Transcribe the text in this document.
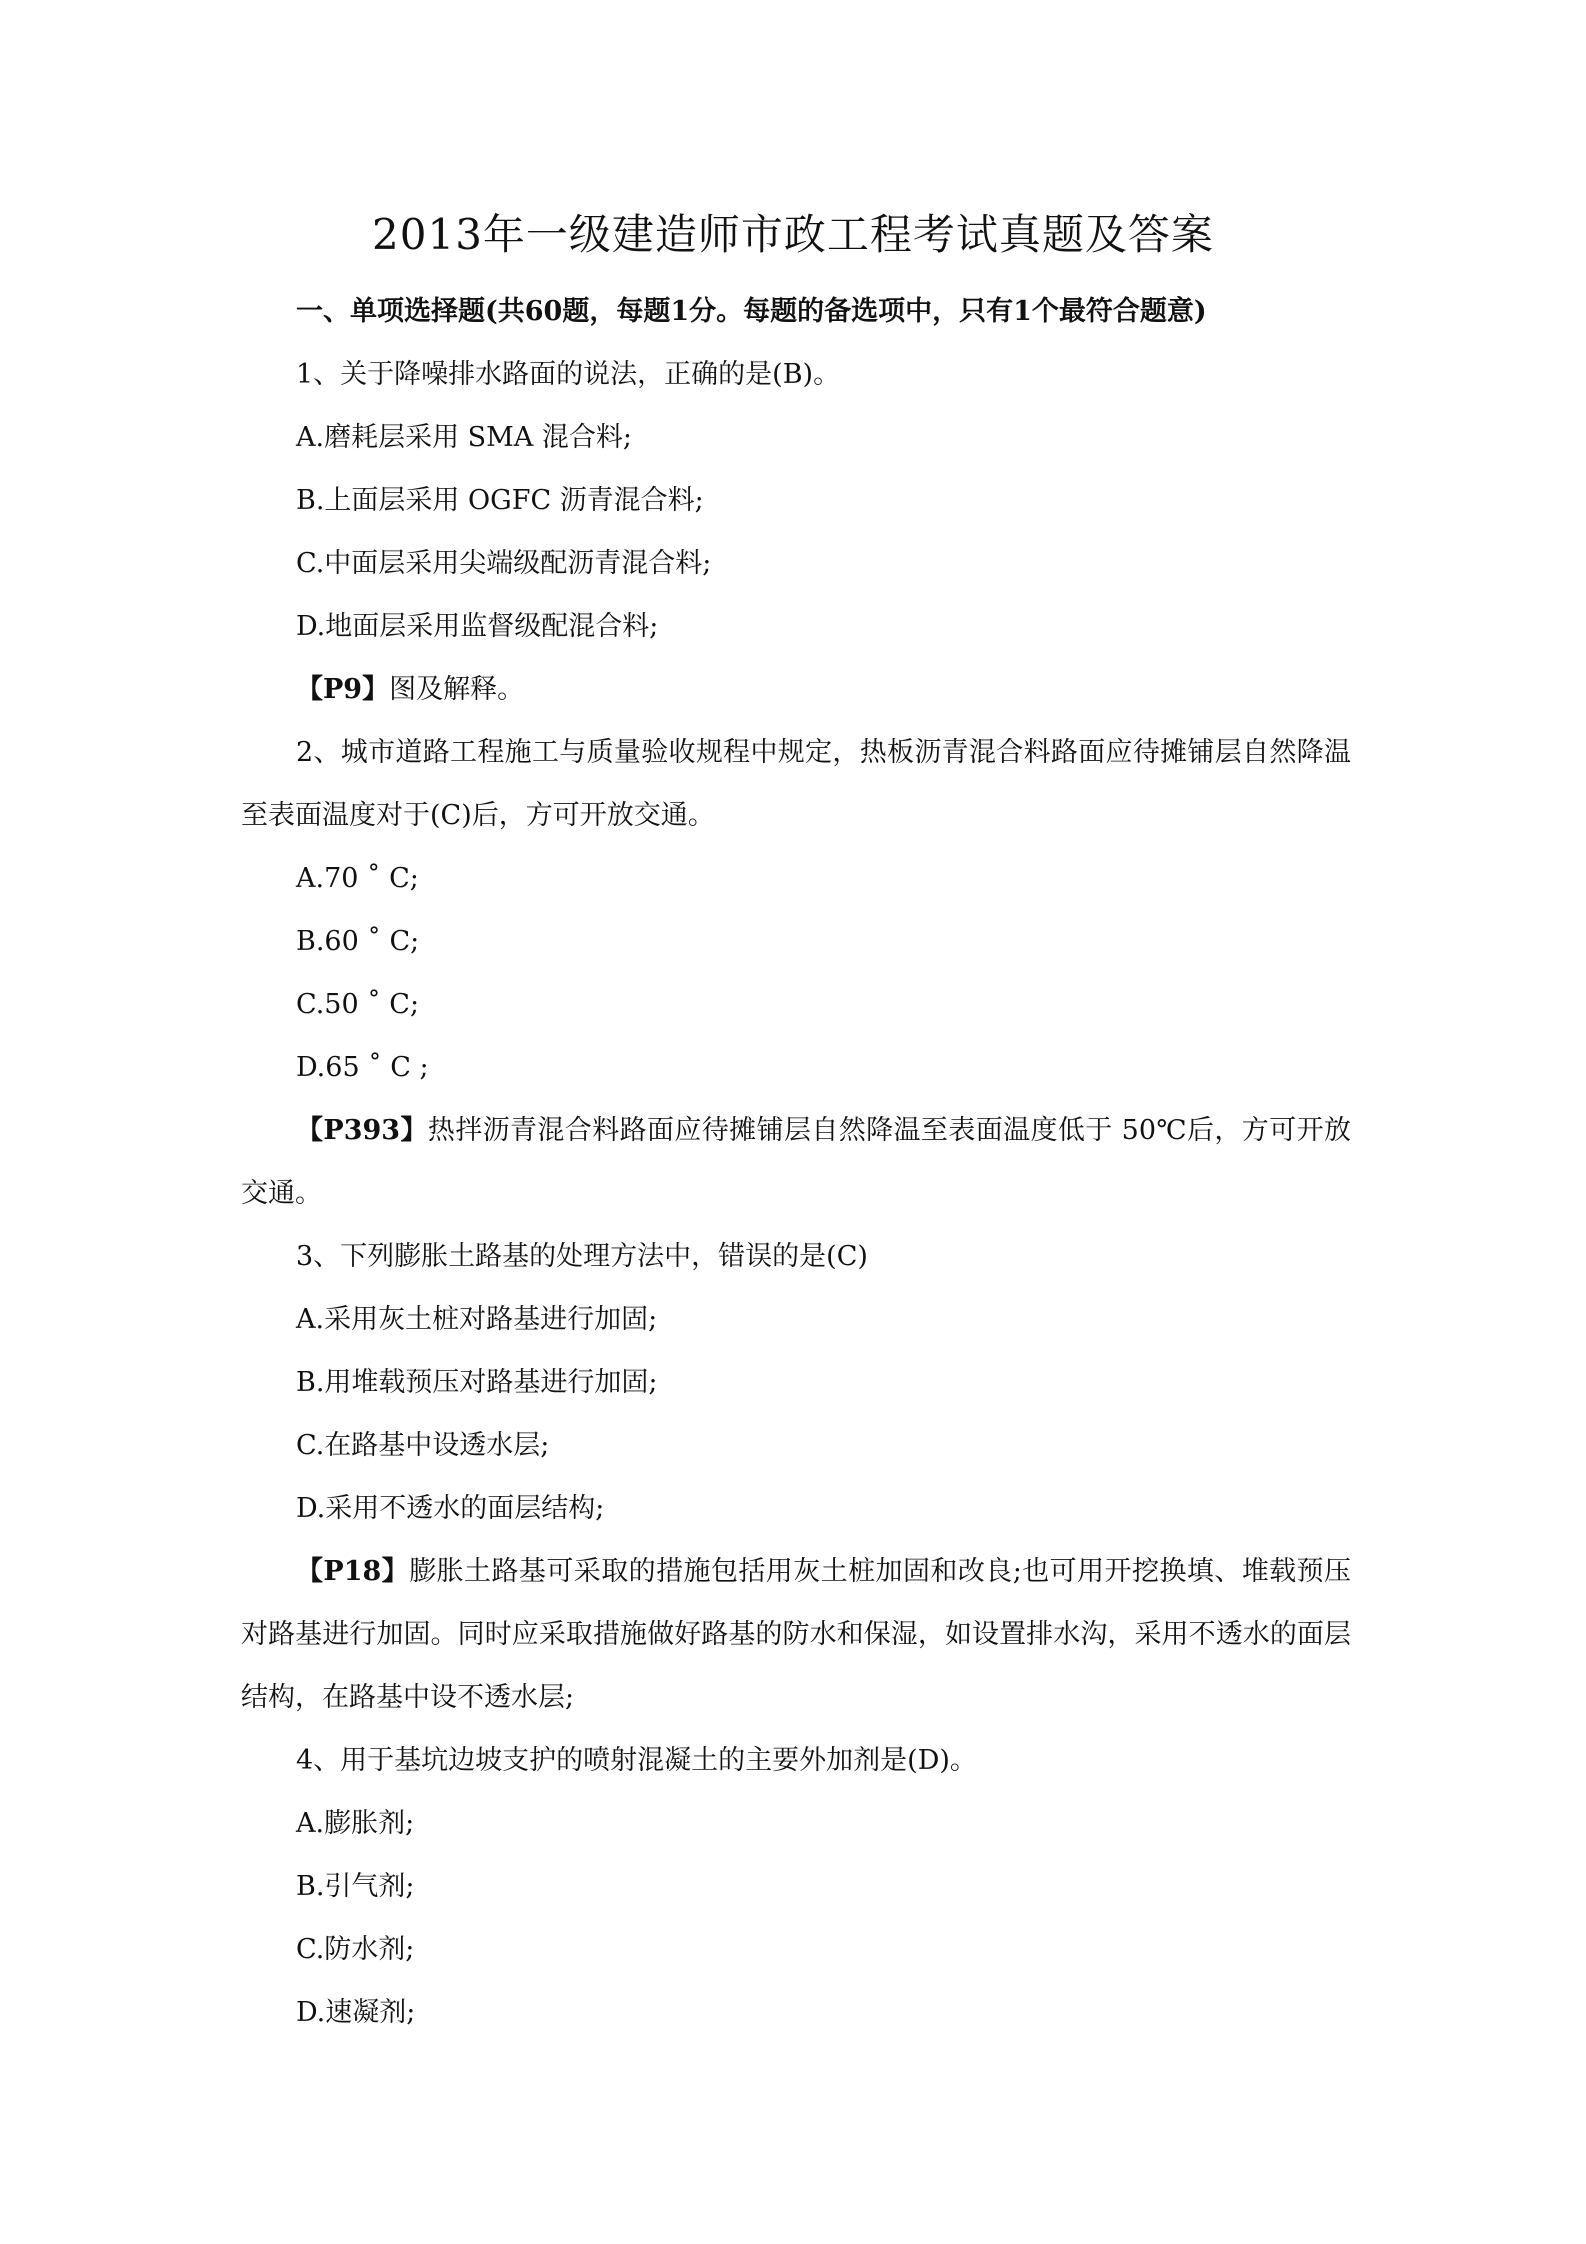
2013年一级建造师市政工程考试真题及答案
一、单项选择题(共60题，每题1分。每题的备选项中，只有1个最符合题意)

1、关于降噪排水路面的说法，正确的是(B)。

A.磨耗层采用 SMA 混合料;

B.上面层采用 OGFC 沥青混合料;

C.中面层采用尖端级配沥青混合料;

D.地面层采用监督级配混合料;

【P9】图及解释。

2、城市道路工程施工与质量验收规程中规定，热板沥青混合料路面应待摊铺层自然降温至表面温度对于(C)后，方可开放交通。

A.70 ˚ C;

B.60 ˚ C;

C.50 ˚ C;

D.65 ˚ C ;

【P393】热拌沥青混合料路面应待摊铺层自然降温至表面温度低于 50℃后，方可开放交通。

3、下列膨胀土路基的处理方法中，错误的是(C)

A.采用灰土桩对路基进行加固;

B.用堆载预压对路基进行加固;

C.在路基中设透水层;

D.采用不透水的面层结构;

【P18】膨胀土路基可采取的措施包括用灰土桩加固和改良;也可用开挖换填、堆载预压对路基进行加固。同时应采取措施做好路基的防水和保湿，如设置排水沟，采用不透水的面层结构，在路基中设不透水层;

4、用于基坑边坡支护的喷射混凝土的主要外加剂是(D)。

A.膨胀剂;

B.引气剂;

C.防水剂;

D.速凝剂;
